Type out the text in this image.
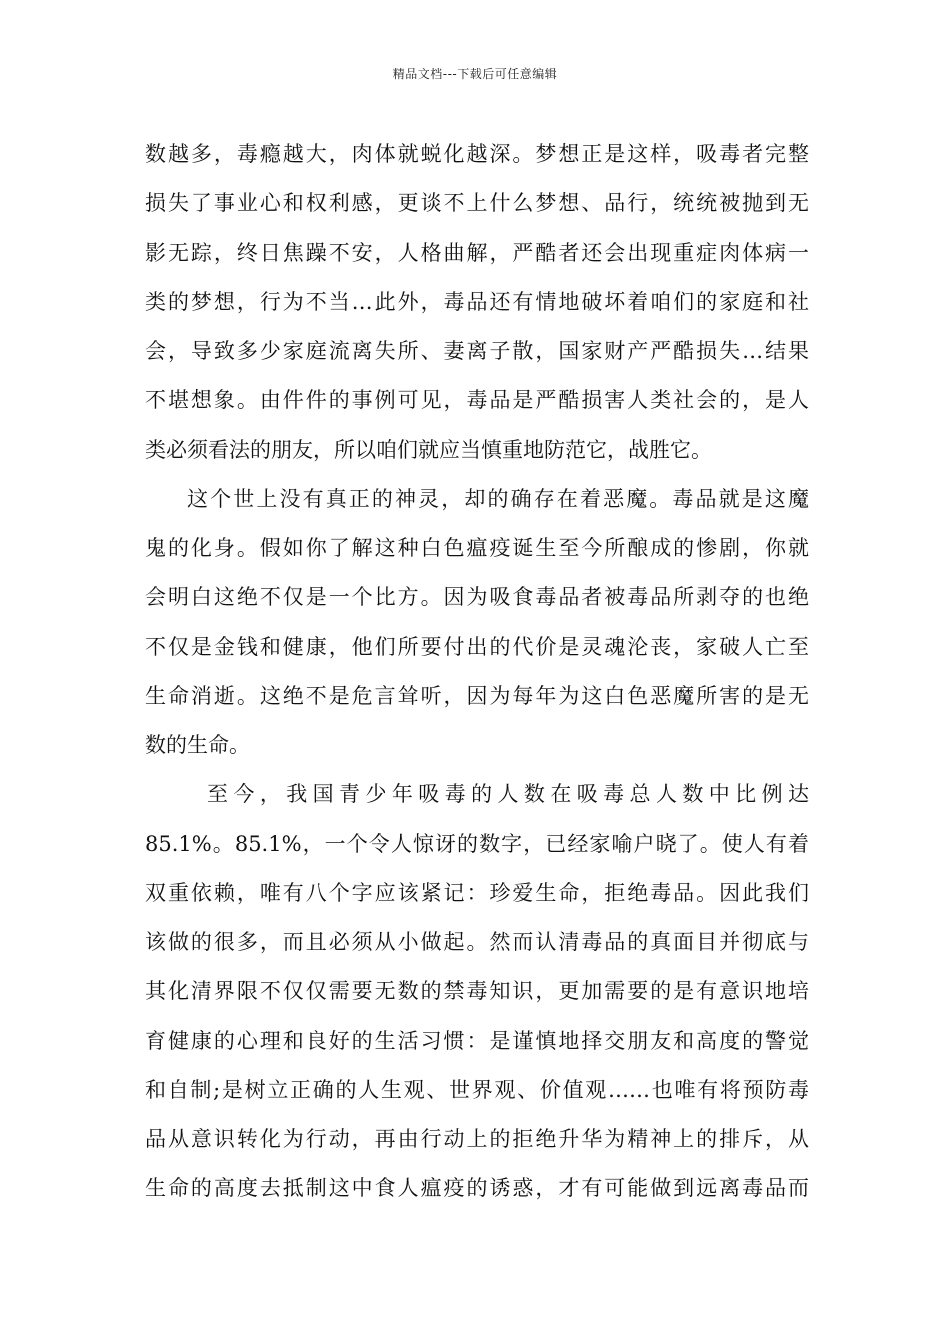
精品文档---下载后可任意编辑
数越多，毒瘾越大，肉体就蜕化越深。梦想正是这样，吸毒者完整
损失了事业心和权利感，更谈不上什么梦想、品行，统统被抛到无
影无踪，终日焦躁不安，人格曲解，严酷者还会出现重症肉体病一
类的梦想，行为不当…此外，毒品还有情地破坏着咱们的家庭和社
会，导致多少家庭流离失所、妻离子散，国家财产严酷损失…结果
不堪想象。由件件的事例可见，毒品是严酷损害人类社会的，是人
类必须看法的朋友，所以咱们就应当慎重地防范它，战胜它。
这个世上没有真正的神灵，却的确存在着恶魔。毒品就是这魔
鬼的化身。假如你了解这种白色瘟疫诞生至今所酿成的惨剧，你就
会明白这绝不仅是一个比方。因为吸食毒品者被毒品所剥夺的也绝
不仅是金钱和健康，他们所要付出的代价是灵魂沦丧，家破人亡至
生命消逝。这绝不是危言耸听，因为每年为这白色恶魔所害的是无
数的生命。
至今，我国青少年吸毒的人数在吸毒总人数中比例达
85.1%。85.1%，一个令人惊讶的数字，已经家喻户晓了。使人有着
双重依赖，唯有八个字应该紧记：珍爱生命，拒绝毒品。因此我们
该做的很多，而且必须从小做起。然而认清毒品的真面目并彻底与
其化清界限不仅仅需要无数的禁毒知识，更加需要的是有意识地培
育健康的心理和良好的生活习惯：是谨慎地择交朋友和高度的警觉
和自制;是树立正确的人生观、世界观、价值观……也唯有将预防毒
品从意识转化为行动，再由行动上的拒绝升华为精神上的排斥，从
生命的高度去抵制这中食人瘟疫的诱惑，才有可能做到远离毒品而
